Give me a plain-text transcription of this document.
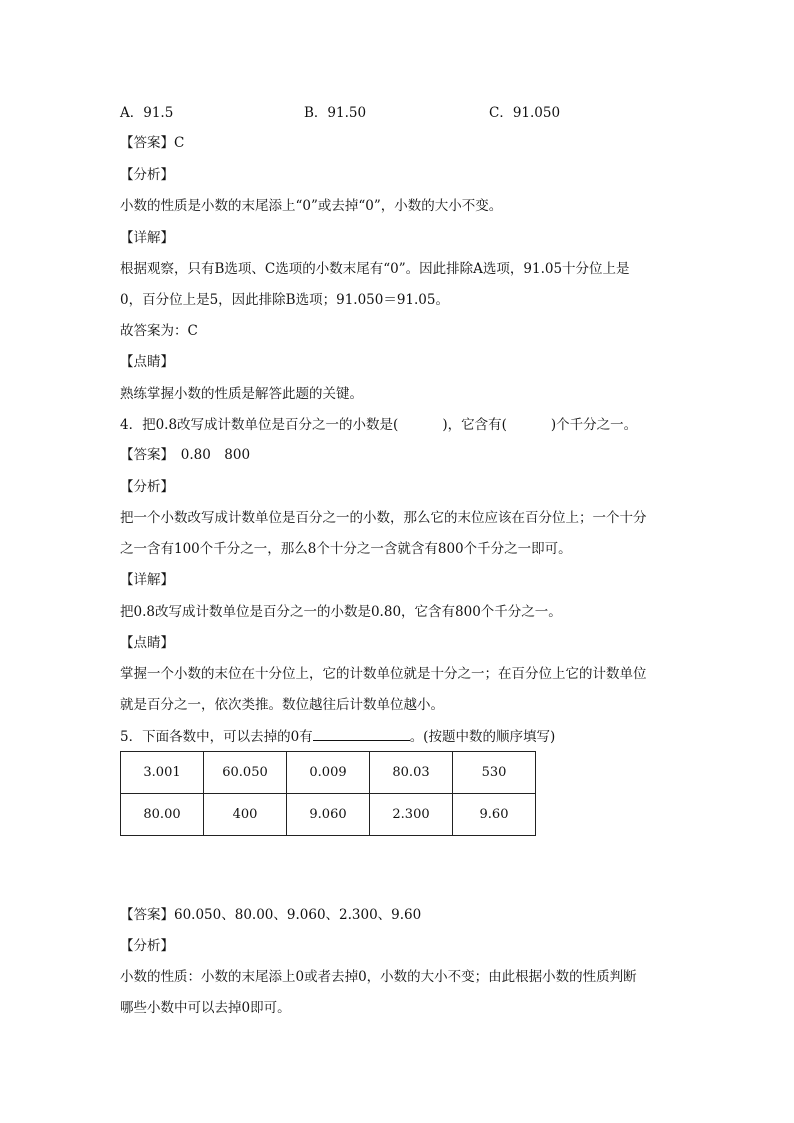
A．91.5	B．91.50	C．91.050
【答案】C
【分析】
小数的性质是小数的末尾添上“0”或去掉“0”，小数的大小不变。
【详解】
根据观察，只有B选项、C选项的小数末尾有“0”。因此排除A选项，91.05十分位上是
0，百分位上是5，因此排除B选项；91.050＝91.05。
故答案为：C
【点睛】
熟练掌握小数的性质是解答此题的关键。
4．把0.8改写成计数单位是百分之一的小数是(	)，它含有(	)个千分之一。
【答案】　0.80　800
【分析】
把一个小数改写成计数单位是百分之一的小数，那么它的末位应该在百分位上；一个十分
之一含有100个千分之一，那么8个十分之一含就含有800个千分之一即可。
【详解】
把0.8改写成计数单位是百分之一的小数是0.80，它含有800个千分之一。
【点睛】
掌握一个小数的末位在十分位上，它的计数单位就是十分之一；在百分位上它的计数单位
就是百分之一，依次类推。数位越往后计数单位越小。
5．下面各数中，可以去掉的0有	。(按题中数的顺序填写)
3.001	60.050	0.009	80.03	530
80.00	400	9.060	2.300	9.60
【答案】60.050、80.00、9.060、2.300、9.60
【分析】
小数的性质：小数的末尾添上0或者去掉0，小数的大小不变；由此根据小数的性质判断
哪些小数中可以去掉0即可。
